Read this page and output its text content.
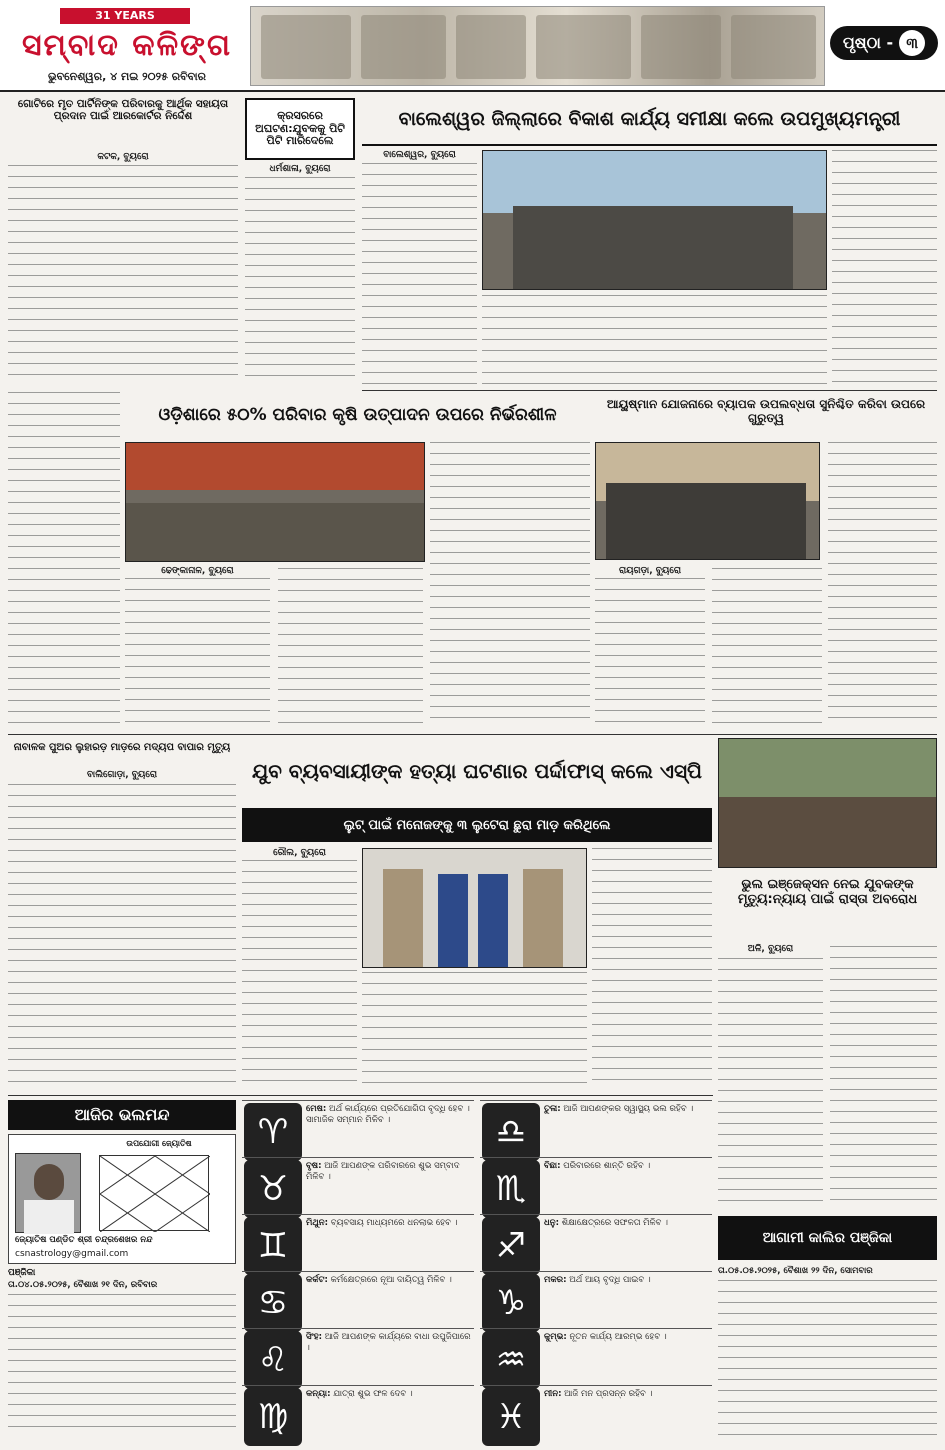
31 YEARS
ସମ୍ବାଦ କଳିଙ୍ଗ
ଭୁବନେଶ୍ୱର, ୪ ମଇ ୨୦୨୫ ରବିବାର
ପୃଷ୍ଠା - ୩
ଗୋଟିରେ ମୃତ ପାର୍ଟିନିଙ୍କ ପରିବାରକୁ ଆର୍ଥିକ ସହାୟତା ପ୍ରଦାନ ପାଇଁ ଆରକୋର୍ଟର ନିର୍ଦ୍ଦେଶ
କଟକ, ବ୍ୟୁରୋ
କ୍ରସରରେ ଅଘଟଣ:ଯୁବକକୁ ପିଟି ପିଟି ମାରିଦେଲେ
ଧର୍ମଶାଳା, ବ୍ୟୁରୋ
ବାଲେଶ୍ୱର ଜିଲ୍ଲାରେ ବିକାଶ କାର୍ଯ୍ୟ ସମୀକ୍ଷା କଲେ ଉପମୁଖ୍ୟମନ୍ତ୍ରୀ
ବାଲେଶ୍ୱର, ବ୍ୟୁରୋ
ଓଡ଼ିଶାରେ ୫୦% ପରିବାର କୃଷି ଉତ୍ପାଦନ ଉପରେ ନିର୍ଭରଶୀଳ
ଢେଙ୍କାନାଳ, ବ୍ୟୁରୋ
ଆୟୁଷ୍ମାନ ଯୋଜନାରେ ବ୍ୟାପକ ଉପଲବ୍ଧତା ସୁନିଶ୍ଚିତ କରିବା ଉପରେ ଗୁରୁତ୍ୱ
ରାୟଗଡ଼ା, ବ୍ୟୁରୋ
ନାବାଳକ ପୁଅର ଲୁହାରଡ଼ ମାଡ଼ରେ ମଦ୍ୟପ ବାପାର ମୃତ୍ୟୁ
ବାଲିଗୋଡ଼ା, ବ୍ୟୁରୋ	ଯୁବ ବ୍ୟବସାୟୀଙ୍କ ହତ୍ୟା ଘଟଣାର ପର୍ଦ୍ଦାଫାସ୍ କଲେ ଏସ୍‌ପି
ଲୁଟ୍ ପାଇଁ ମନୋଜଙ୍କୁ ୩ ଲୁଟେରା ଛୁରା ମାଡ଼ କରିଥିଲେ
ରୌଲ, ବ୍ୟୁରୋ
ଭୁଲ ଇଞ୍ଜେକ୍ସନ ନେଇ ଯୁବକଙ୍କ ମୃତ୍ୟୁ:ନ୍ୟାୟ ପାଇଁ ରାସ୍ତା ଅବରୋଧ
ଅଳି, ବ୍ୟୁରୋ
ଆଜିର ଭଲମନ୍ଦ
ଉପଯୋଗୀ ଜ୍ୟୋତିଷ
ଜ୍ୟୋତିଷ ପଣ୍ଡିତ ଶ୍ରୀ ଚନ୍ଦ୍ରଶେଖର ନନ୍ଦ
csnastrology@gmail.com
ପଞ୍ଜିକା
ତା.୦୪.୦୫.୨୦୨୫, ବୈଶାଖ ୨୧ ଦିନ, ରବିବାର
♈
ମେଷ: ଅର୍ଥ କାର୍ଯ୍ୟରେ ପ୍ରତିଯୋଗିତା ବୃଦ୍ଧି ହେବ । ସାମାଜିକ ସମ୍ମାନ ମିଳିବ ।
♉
ବୃଷ: ଆଜି ଆପଣଙ୍କ ପରିବାରରେ ଶୁଭ ସମ୍ବାଦ ମିଳିବ ।
♊
ମିଥୁନ: ବ୍ୟବସାୟ ମାଧ୍ୟମରେ ଧନଲାଭ ହେବ ।
♋
କର୍କଟ: କର୍ମକ୍ଷେତ୍ରରେ ନୂଆ ଦାୟିତ୍ୱ ମିଳିବ ।
♌
ସିଂହ: ଆଜି ଆପଣଙ୍କ କାର୍ଯ୍ୟରେ ବାଧା ଉପୁଜିପାରେ ।
♍
କନ୍ୟା: ଯାତ୍ରା ଶୁଭ ଫଳ ଦେବ ।
♎
ତୁଳା: ଆଜି ଆପଣଙ୍କର ସ୍ୱାସ୍ଥ୍ୟ ଭଲ ରହିବ ।
♏
ବିଛା: ପରିବାରରେ ଶାନ୍ତି ରହିବ ।
♐
ଧନୁ: ଶିକ୍ଷାକ୍ଷେତ୍ରରେ ସଫଳତା ମିଳିବ ।
♑
ମକର: ଅର୍ଥ ଆୟ ବୃଦ୍ଧି ପାଇବ ।
♒
କୁମ୍ଭ: ନୂତନ କାର୍ଯ୍ୟ ଆରମ୍ଭ ହେବ ।
♓
ମୀନ: ଆଜି ମନ ପ୍ରସନ୍ନ ରହିବ ।
ଆଗାମୀ କାଲିର ପଞ୍ଜିକା
ତା.୦୫.୦୫.୨୦୨୫, ବୈଶାଖ ୨୨ ଦିନ, ସୋମବାର
